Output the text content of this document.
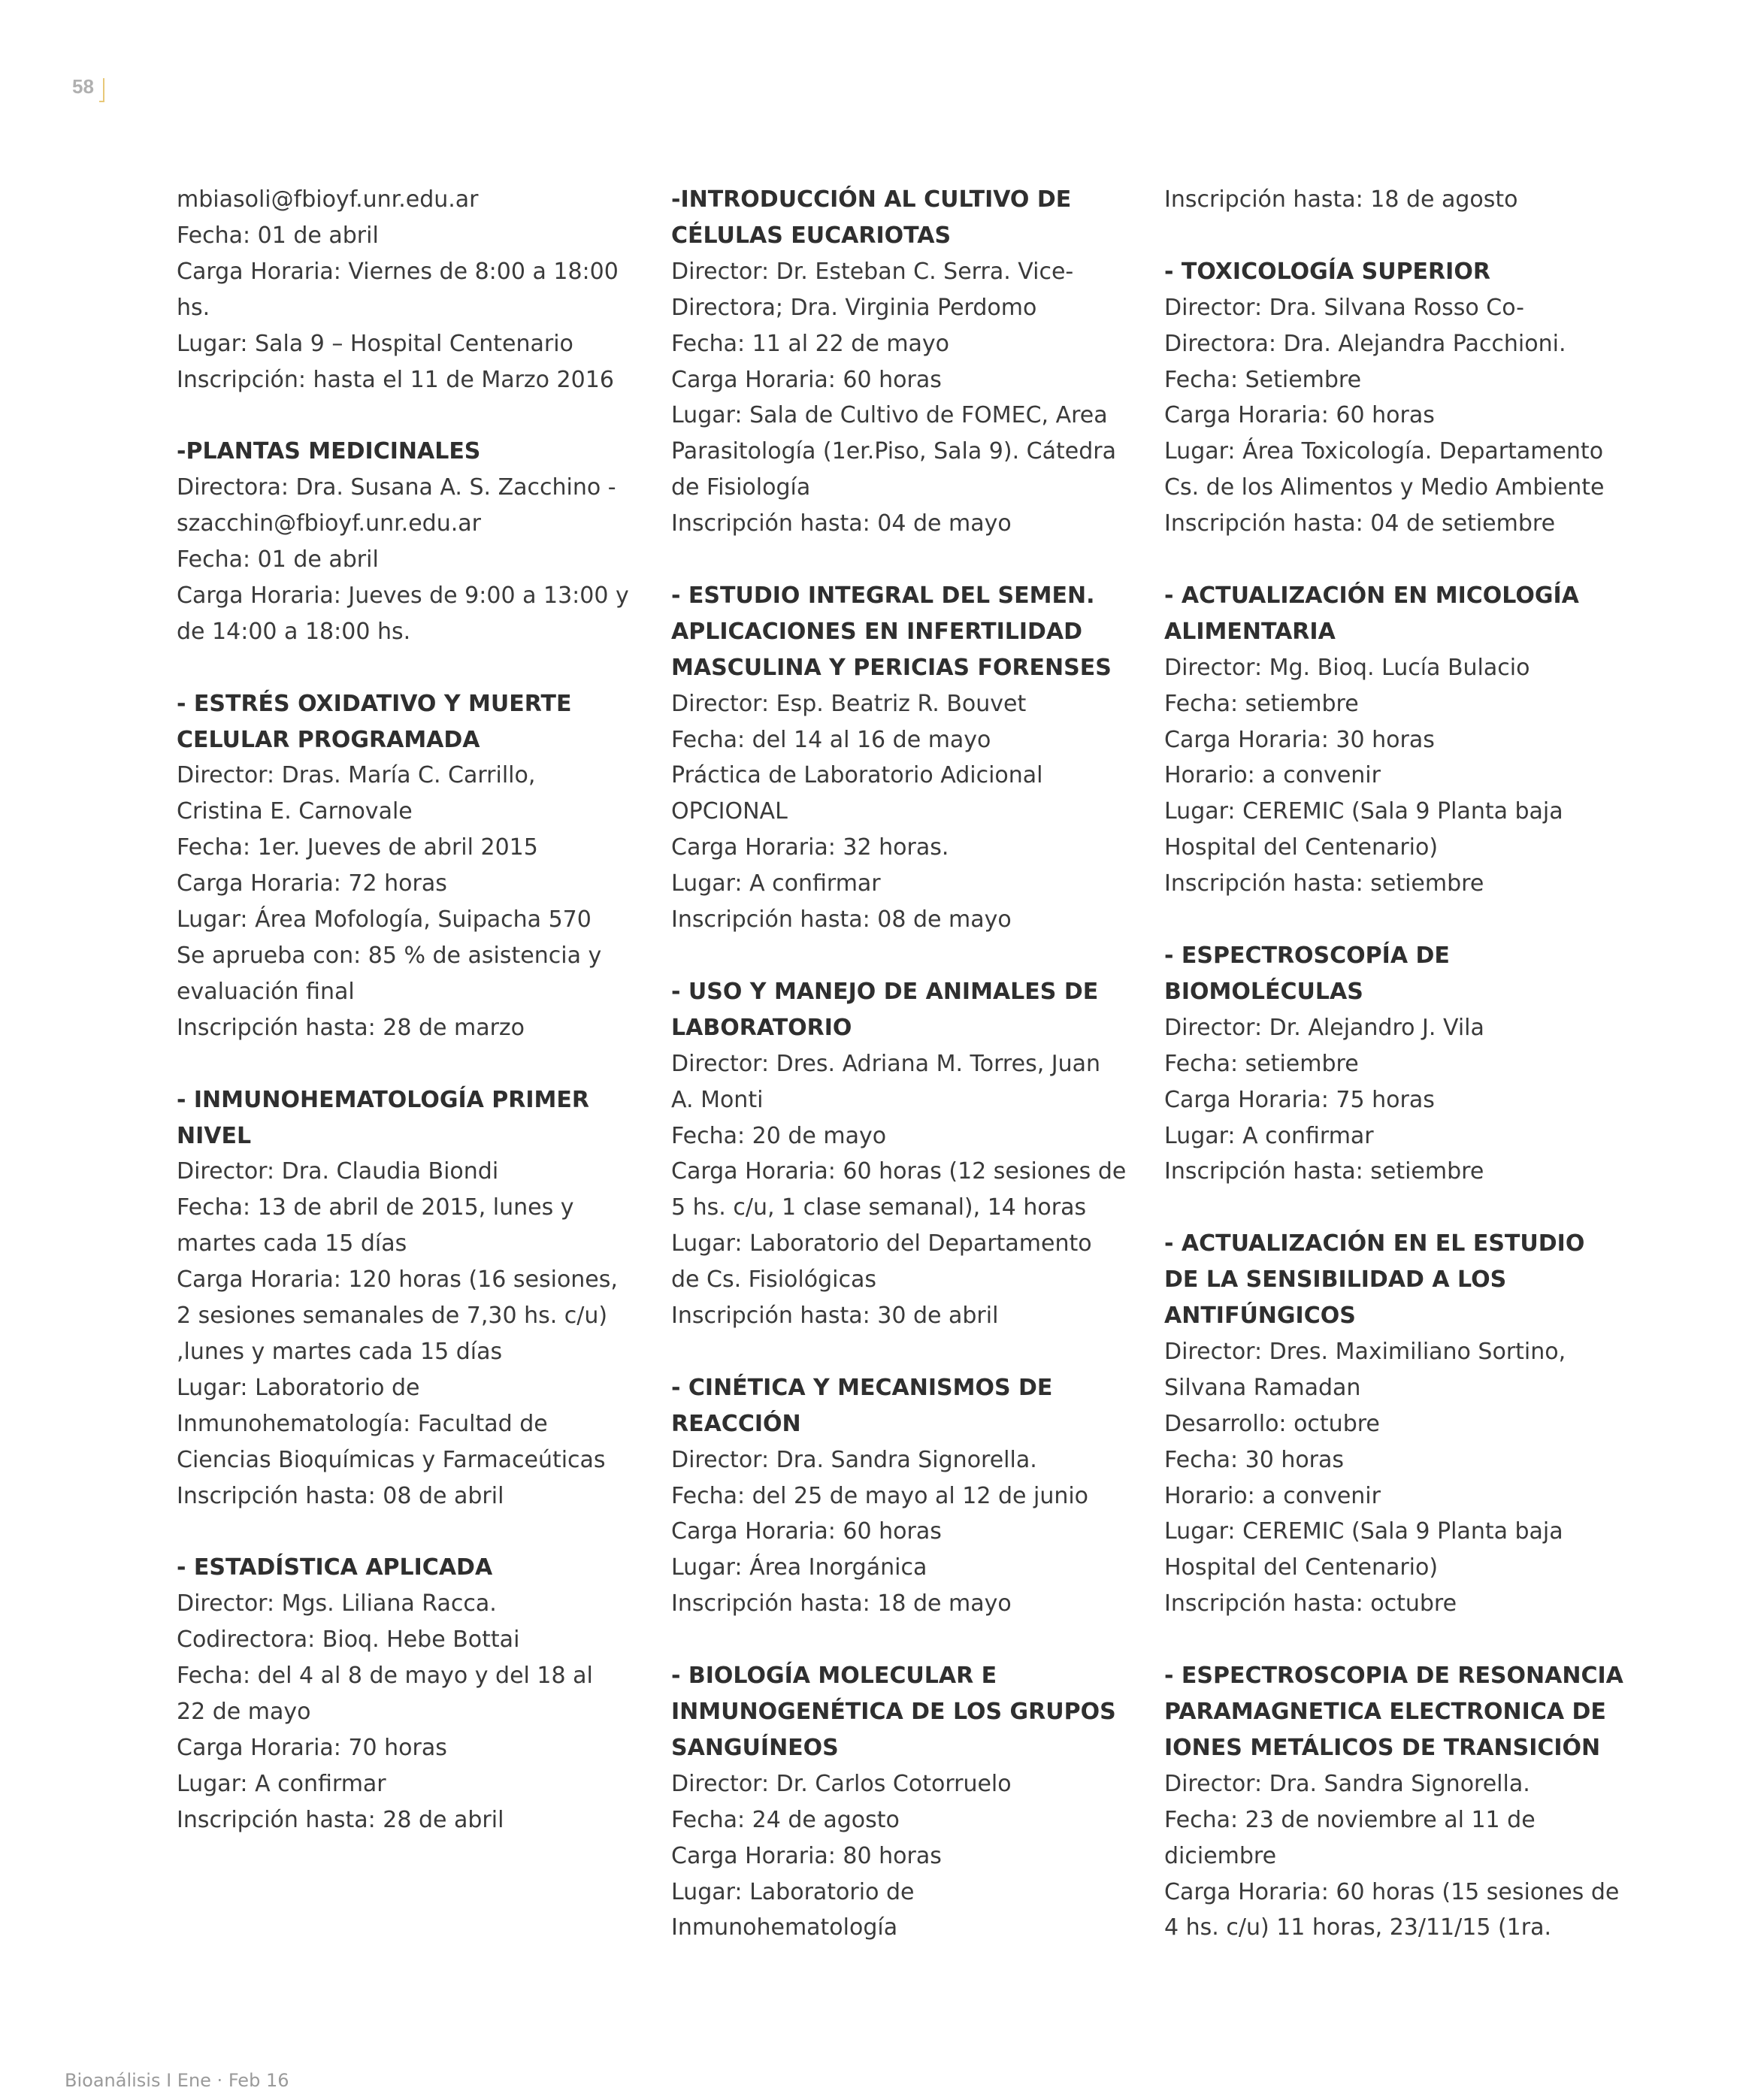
58
mbiasoli@fbioyf.unr.edu.ar
Fecha: 01 de abril
Carga Horaria: Viernes de 8:00 a 18:00
hs.
Lugar: Sala 9 – Hospital Centenario
Inscripción: hasta el 11 de Marzo 2016
-PLANTAS MEDICINALES
Directora: Dra. Susana A. S. Zacchino -
szacchin@fbioyf.unr.edu.ar
Fecha: 01 de abril
Carga Horaria: Jueves de 9:00 a 13:00 y
de 14:00 a 18:00 hs.
- ESTRÉS OXIDATIVO Y MUERTE
CELULAR PROGRAMADA
Director: Dras. María C. Carrillo,
Cristina E. Carnovale
Fecha: 1er. Jueves de abril 2015
Carga Horaria: 72 horas
Lugar: Área Mofología, Suipacha 570
Se aprueba con: 85 % de asistencia y
evaluación final
Inscripción hasta: 28 de marzo
- INMUNOHEMATOLOGÍA PRIMER
NIVEL
Director: Dra. Claudia Biondi
Fecha: 13 de abril de 2015, lunes y
martes cada 15 días
Carga Horaria: 120 horas (16 sesiones,
2 sesiones semanales de 7,30 hs. c/u)
,lunes y martes cada 15 días
Lugar: Laboratorio de
Inmunohematología: Facultad de
Ciencias Bioquímicas y Farmaceúticas
Inscripción hasta: 08 de abril
- ESTADÍSTICA APLICADA
Director: Mgs. Liliana Racca.
Codirectora: Bioq. Hebe Bottai
Fecha: del 4 al 8 de mayo y del 18 al
22 de mayo
Carga Horaria: 70 horas
Lugar: A confirmar
Inscripción hasta: 28 de abril
-INTRODUCCIÓN AL CULTIVO DE
CÉLULAS EUCARIOTAS
Director: Dr. Esteban C. Serra. Vice-
Directora; Dra. Virginia Perdomo
Fecha: 11 al 22 de mayo
Carga Horaria: 60 horas
Lugar: Sala de Cultivo de FOMEC, Area
Parasitología (1er.Piso, Sala 9). Cátedra
de Fisiología
Inscripción hasta: 04 de mayo
- ESTUDIO INTEGRAL DEL SEMEN.
APLICACIONES EN INFERTILIDAD
MASCULINA Y PERICIAS FORENSES
Director: Esp. Beatriz R. Bouvet
Fecha: del 14 al 16 de mayo
Práctica de Laboratorio Adicional
OPCIONAL
Carga Horaria: 32 horas.
Lugar: A confirmar
Inscripción hasta: 08 de mayo
- USO Y MANEJO DE ANIMALES DE
LABORATORIO
Director: Dres. Adriana M. Torres, Juan
A. Monti
Fecha: 20 de mayo
Carga Horaria: 60 horas (12 sesiones de
5 hs. c/u, 1 clase semanal), 14 horas
Lugar: Laboratorio del Departamento
de Cs. Fisiológicas
Inscripción hasta: 30 de abril
- CINÉTICA Y MECANISMOS DE
REACCIÓN
Director: Dra. Sandra Signorella.
Fecha: del 25 de mayo al 12 de junio
Carga Horaria: 60 horas
Lugar: Área Inorgánica
Inscripción hasta: 18 de mayo
- BIOLOGÍA MOLECULAR E
INMUNOGENÉTICA DE LOS GRUPOS
SANGUÍNEOS
Director: Dr. Carlos Cotorruelo
Fecha: 24 de agosto
Carga Horaria: 80 horas
Lugar: Laboratorio de
Inmunohematología
Inscripción hasta: 18 de agosto
- TOXICOLOGÍA SUPERIOR
Director: Dra. Silvana Rosso Co-
Directora: Dra. Alejandra Pacchioni.
Fecha: Setiembre
Carga Horaria: 60 horas
Lugar: Área Toxicología. Departamento
Cs. de los Alimentos y Medio Ambiente
Inscripción hasta: 04 de setiembre
- ACTUALIZACIÓN EN MICOLOGÍA
ALIMENTARIA
Director: Mg. Bioq. Lucía Bulacio
Fecha: setiembre
Carga Horaria: 30 horas
Horario: a convenir
Lugar: CEREMIC (Sala 9 Planta baja
Hospital del Centenario)
Inscripción hasta: setiembre
- ESPECTROSCOPÍA DE
BIOMOLÉCULAS
Director: Dr. Alejandro J. Vila
Fecha: setiembre
Carga Horaria: 75 horas
Lugar: A confirmar
Inscripción hasta: setiembre
- ACTUALIZACIÓN EN EL ESTUDIO
DE LA SENSIBILIDAD A LOS
ANTIFÚNGICOS
Director: Dres. Maximiliano Sortino,
Silvana Ramadan
Desarrollo: octubre
Fecha: 30 horas
Horario: a convenir
Lugar: CEREMIC (Sala 9 Planta baja
Hospital del Centenario)
Inscripción hasta: octubre
- ESPECTROSCOPIA DE RESONANCIA
PARAMAGNETICA ELECTRONICA DE
IONES METÁLICOS DE TRANSICIÓN
Director: Dra. Sandra Signorella.
Fecha: 23 de noviembre al 11 de
diciembre
Carga Horaria: 60 horas (15 sesiones de
4 hs. c/u) 11 horas, 23/11/15 (1ra.
Bioanálisis I Ene · Feb 16
